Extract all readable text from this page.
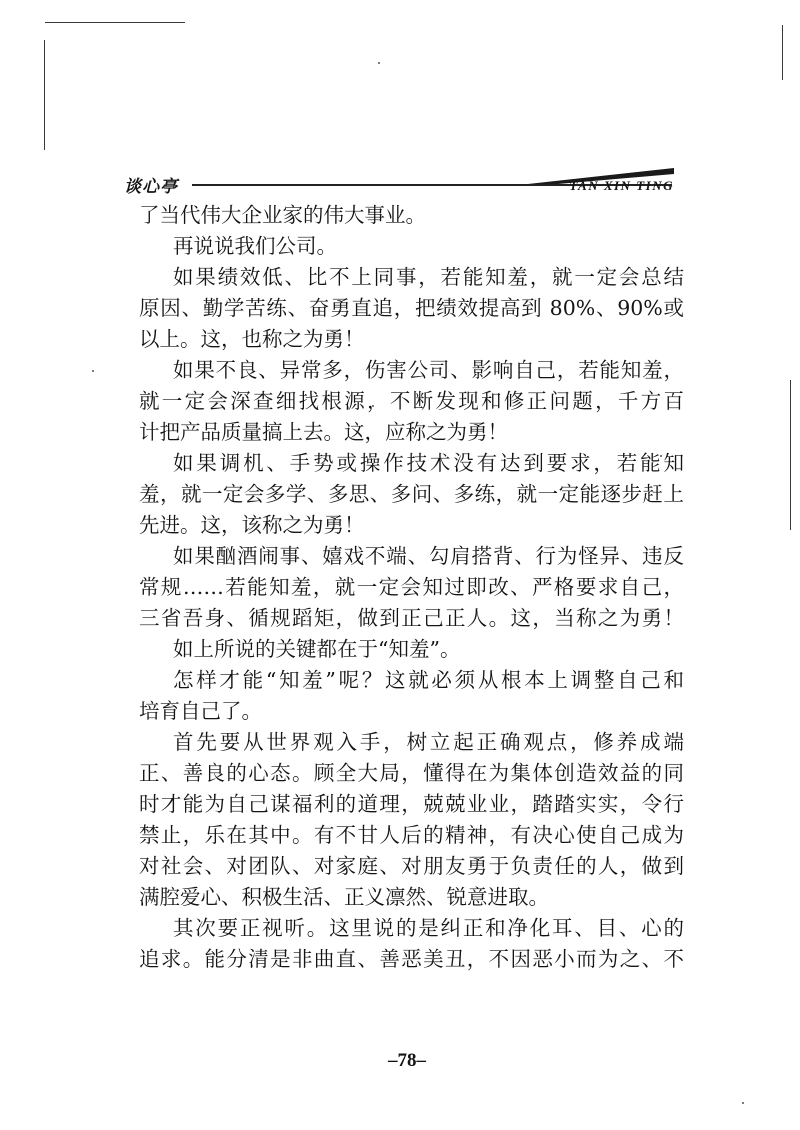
谈心亭	TAN XIN TING
了当代伟大企业家的伟大事业。
再说说我们公司。
如果绩效低、比不上同事，若能知羞，就一定会总结
原因、勤学苦练、奋勇直追，把绩效提高到 80%、90%或
以上。这，也称之为勇！
如果不良、异常多，伤害公司、影响自己，若能知羞，
就一定会深查细找根源，不断发现和修正问题，千方百
计把产品质量搞上去。这，应称之为勇！
如果调机、手势或操作技术没有达到要求，若能知
羞，就一定会多学、多思、多问、多练，就一定能逐步赶上
先进。这，该称之为勇！
如果酗酒闹事、嬉戏不端、勾肩搭背、行为怪异、违反
常规……若能知羞，就一定会知过即改、严格要求自己，
三省吾身、循规蹈矩，做到正己正人。这，当称之为勇！
如上所说的关键都在于“知羞”。
怎样才能“知羞”呢？这就必须从根本上调整自己和
培育自己了。
首先要从世界观入手，树立起正确观点，修养成端
正、善良的心态。顾全大局，懂得在为集体创造效益的同
时才能为自己谋福利的道理，兢兢业业，踏踏实实，令行
禁止，乐在其中。有不甘人后的精神，有决心使自己成为
对社会、对团队、对家庭、对朋友勇于负责任的人，做到
满腔爱心、积极生活、正义凛然、锐意进取。
其次要正视听。这里说的是纠正和净化耳、目、心的
追求。能分清是非曲直、善恶美丑，不因恶小而为之、不
–78–
